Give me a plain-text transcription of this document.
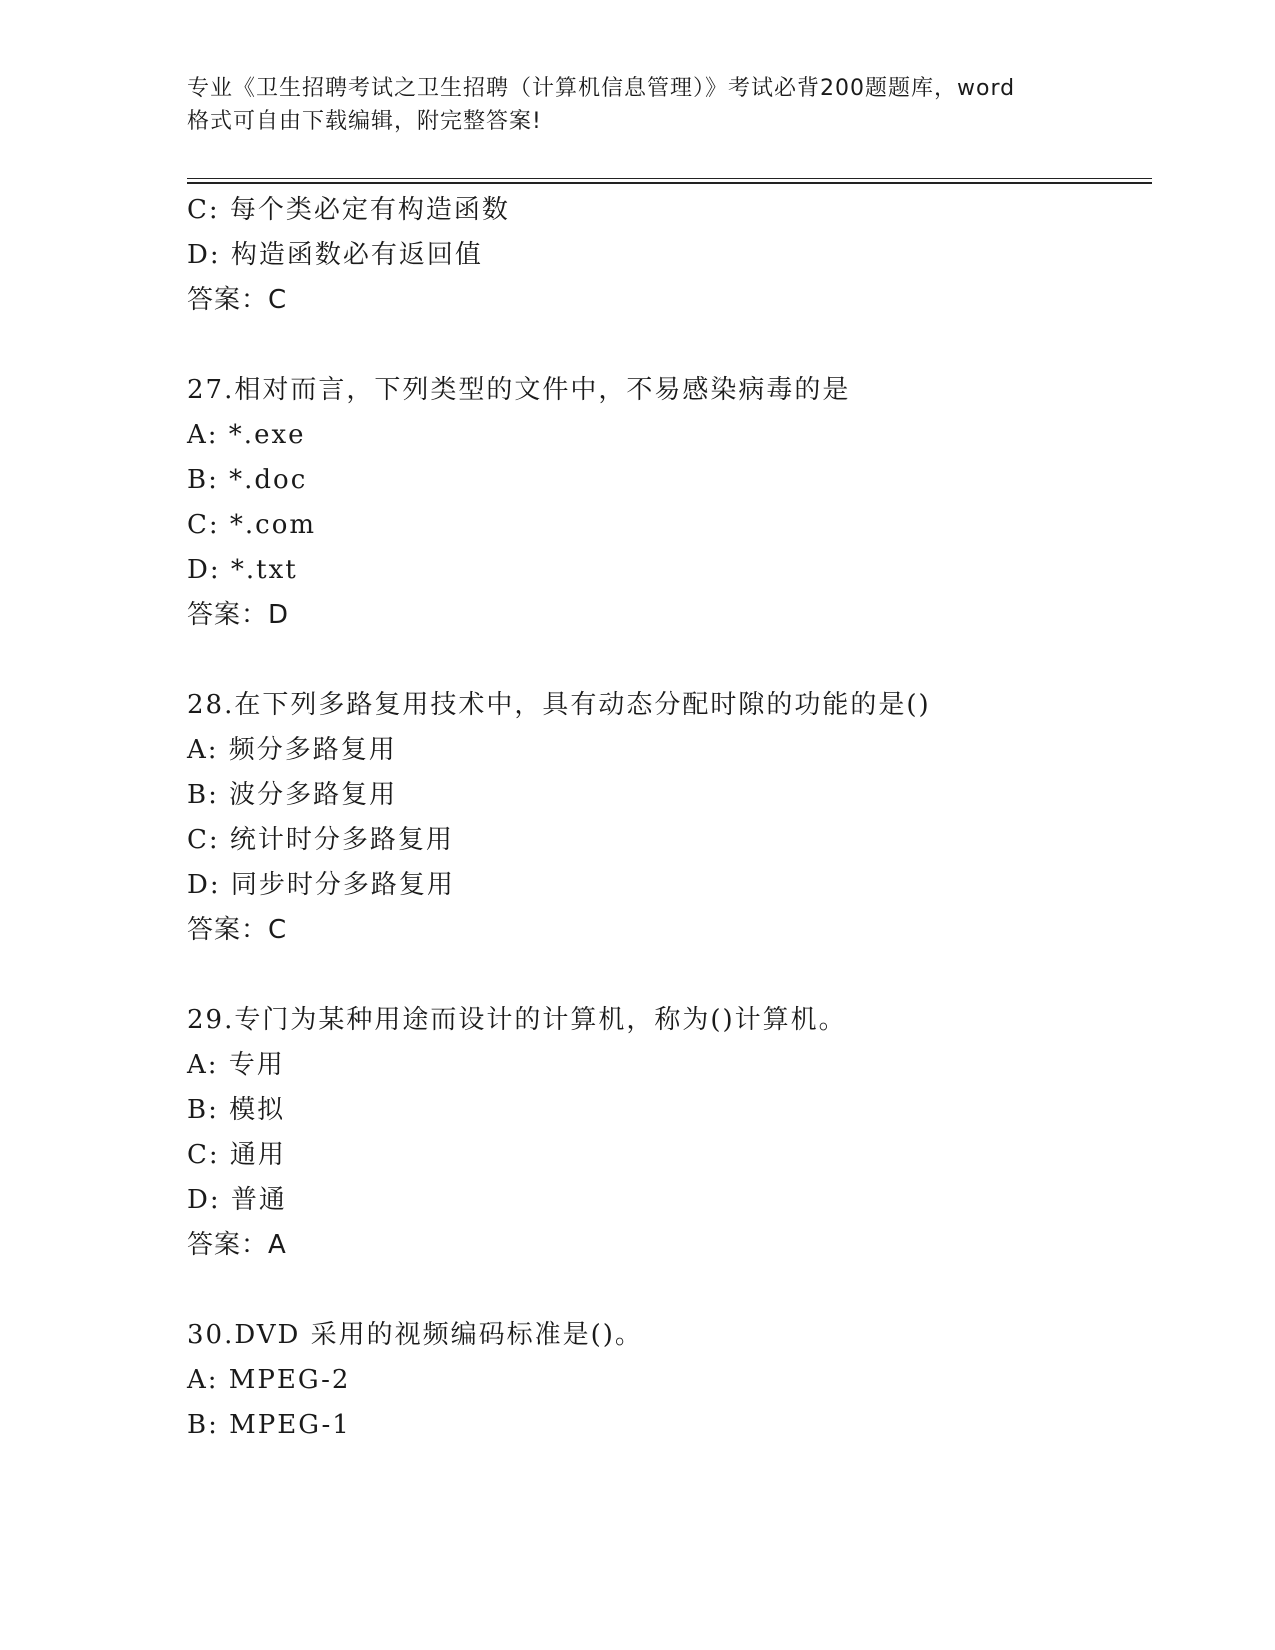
专业《卫生招聘考试之卫生招聘（计算机信息管理）》考试必背200题题库，word
格式可自由下载编辑，附完整答案!
C: 每个类必定有构造函数
D: 构造函数必有返回值
答案：C
27.相对而言，下列类型的文件中，不易感染病毒的是
A: *.exe
B: *.doc
C: *.com
D: *.txt
答案：D
28.在下列多路复用技术中，具有动态分配时隙的功能的是()
A: 频分多路复用
B: 波分多路复用
C: 统计时分多路复用
D: 同步时分多路复用
答案：C
29.专门为某种用途而设计的计算机，称为()计算机。
A: 专用
B: 模拟
C: 通用
D: 普通
答案：A
30.DVD 采用的视频编码标准是()。
A: MPEG-2
B: MPEG-1
